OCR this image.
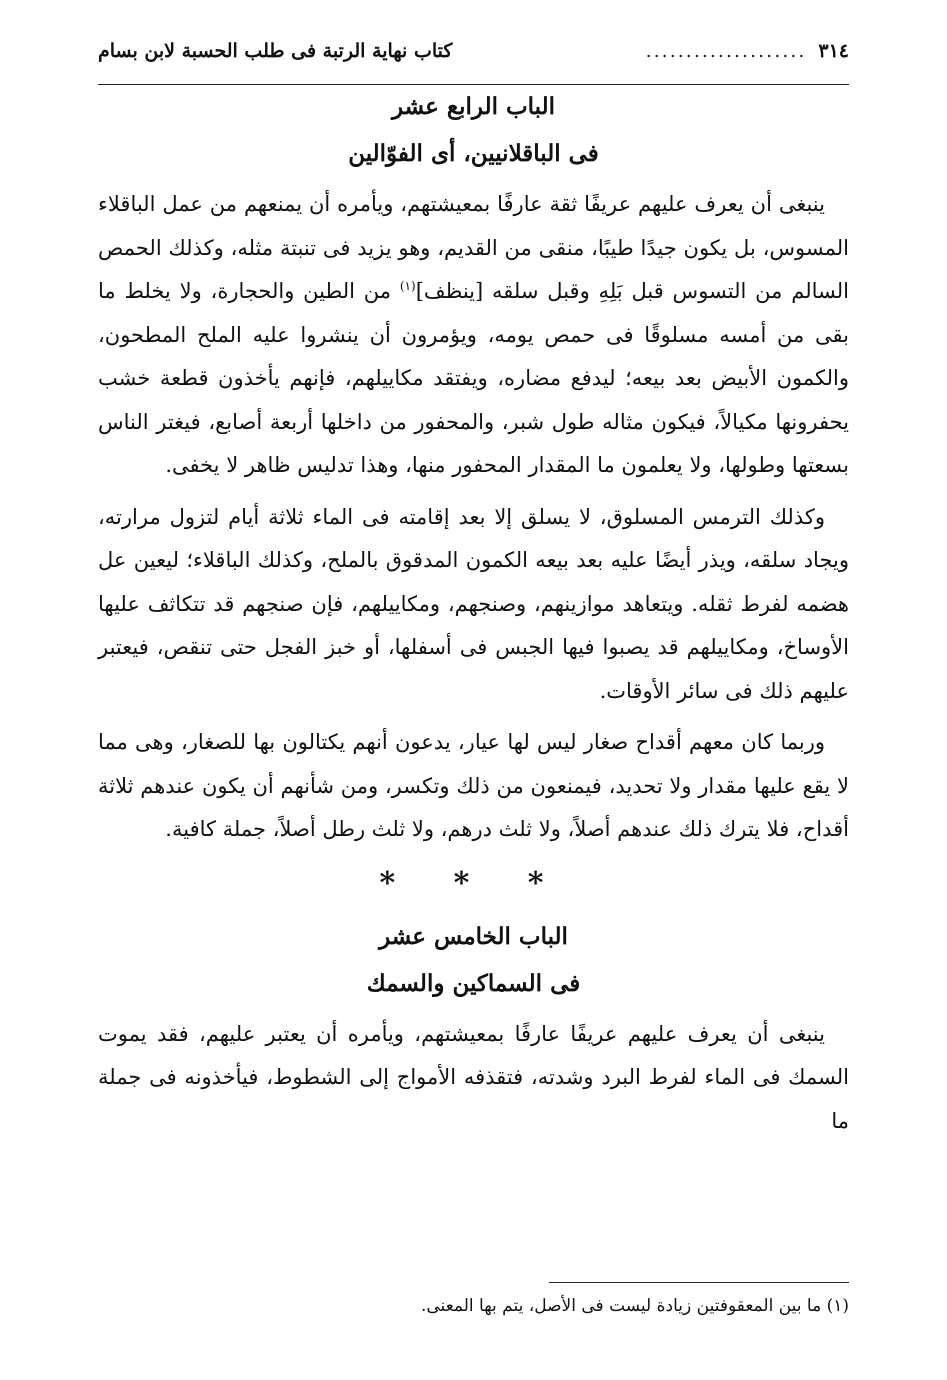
٣١٤
....................
كتاب نهاية الرتبة فى طلب الحسبة لابن بسام
الباب الرابع عشر
فى الباقلانيين، أى الفوّالين

ينبغى أن يعرف عليهم عريفًا ثقة عارفًا بمعيشتهم، ويأمره أن يمنعهم من عمل الباقلاء المسوس، بل يكون جيدًا طيبًا، منقى من القديم، وهو يزيد فى تنبتة مثله، وكذلك الحمص السالم من التسوس قبل بَلِهِ وقبل سلقه [ينظف]$^{(١)}$ من الطين والحجارة، ولا يخلط ما بقى من أمسه مسلوقًا فى حمص يومه، ويؤمرون أن ينشروا عليه الملح المطحون، والكمون الأبيض بعد بيعه؛ ليدفع مضاره، ويفتقد مكاييلهم، فإنهم يأخذون قطعة خشب يحفرونها مكيالاً، فيكون مثاله طول شبر، والمحفور من داخلها أربعة أصابع، فيغتر الناس بسعتها وطولها، ولا يعلمون ما المقدار المحفور منها، وهذا تدليس ظاهر لا يخفى.

وكذلك الترمس المسلوق، لا يسلق إلا بعد إقامته فى الماء ثلاثة أيام لتزول مرارته، ويجاد سلقه، ويذر أيضًا عليه بعد بيعه الكمون المدقوق بالملح، وكذلك الباقلاء؛ ليعين عل هضمه لفرط ثقله. ويتعاهد موازينهم، وصنجهم، ومكاييلهم، فإن صنجهم قد تتكاثف عليها الأوساخ، ومكاييلهم قد يصبوا فيها الجبس فى أسفلها، أو خبز الفجل حتى تنقص، فيعتبر عليهم ذلك فى سائر الأوقات.

وربما كان معهم أقداح صغار ليس لها عيار، يدعون أنهم يكتالون بها للصغار، وهى مما لا يقع عليها مقدار ولا تحديد، فيمنعون من ذلك وتكسر، ومن شأنهم أن يكون عندهم ثلاثة أقداح، فلا يترك ذلك عندهم أصلاً، ولا ثلث درهم، ولا ثلث رطل أصلاً، جملة كافية.

* * *
الباب الخامس عشر
فى السماكين والسمك

ينبغى أن يعرف عليهم عريفًا عارفًا بمعيشتهم، ويأمره أن يعتبر عليهم، فقد يموت السمك فى الماء لفرط البرد وشدته، فتقذفه الأمواج إلى الشطوط، فيأخذونه فى جملة ما

(١) ما بين المعقوفتين زيادة ليست فى الأصل، يتم بها المعنى.
